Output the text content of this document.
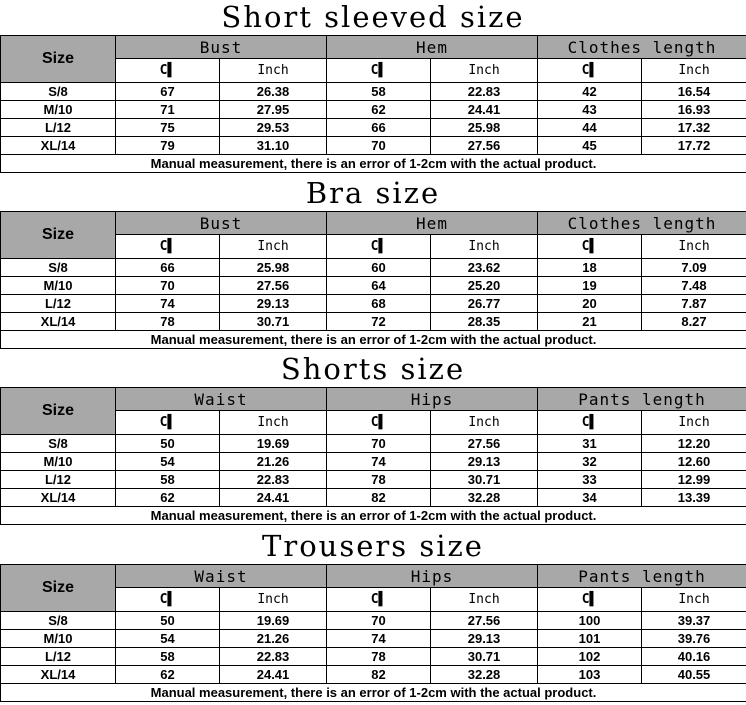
Short sleeved size
Size	Bust		Hem		Clothes length	
	C▌	Inch	C▌	Inch	C▌	Inch
S/8	67	26.38	58	22.83	42	16.54
M/10	71	27.95	62	24.41	43	16.93
L/12	75	29.53	66	25.98	44	17.32
XL/14	79	31.10	70	27.56	45	17.72
Manual measurement, there is an error of 1-2cm with the actual product.						
Bra size
Size	Bust		Hem		Clothes length	
	C▌	Inch	C▌	Inch	C▌	Inch
S/8	66	25.98	60	23.62	18	7.09
M/10	70	27.56	64	25.20	19	7.48
L/12	74	29.13	68	26.77	20	7.87
XL/14	78	30.71	72	28.35	21	8.27
Manual measurement, there is an error of 1-2cm with the actual product.						
Shorts size
Size	Waist		Hips		Pants length	
	C▌	Inch	C▌	Inch	C▌	Inch
S/8	50	19.69	70	27.56	31	12.20
M/10	54	21.26	74	29.13	32	12.60
L/12	58	22.83	78	30.71	33	12.99
XL/14	62	24.41	82	32.28	34	13.39
Manual measurement, there is an error of 1-2cm with the actual product.						
Trousers size
Size	Waist		Hips		Pants length	
	C▌	Inch	C▌	Inch	C▌	Inch
S/8	50	19.69	70	27.56	100	39.37
M/10	54	21.26	74	29.13	101	39.76
L/12	58	22.83	78	30.71	102	40.16
XL/14	62	24.41	82	32.28	103	40.55
Manual measurement, there is an error of 1-2cm with the actual product.						
